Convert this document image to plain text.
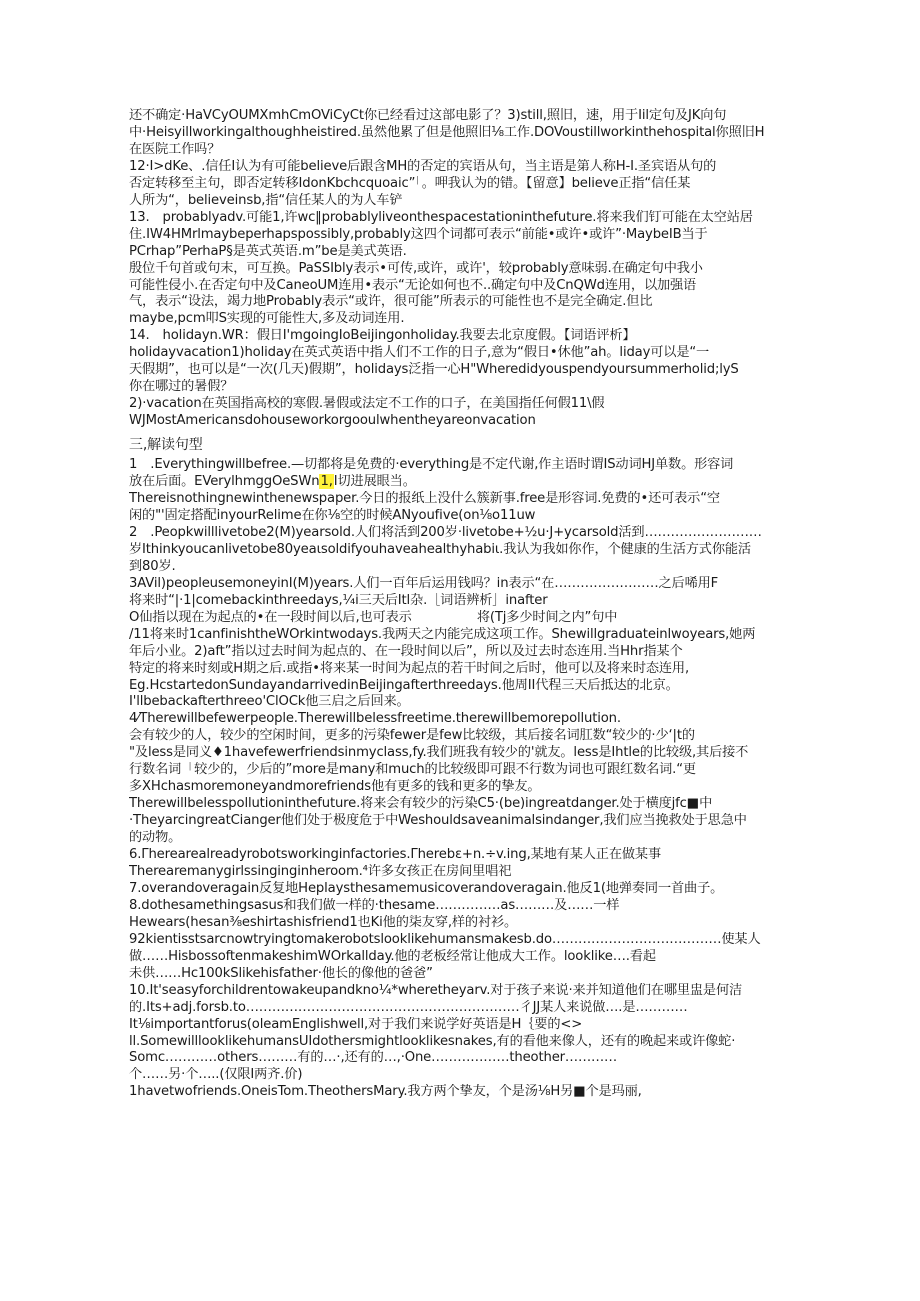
还不确定·HaVCyOUMXmhCmOViCyCt你已经看过这部电影了？3)still,照旧，速，用于Iil定句及JK向句
中·Heisyillworkingalthoughheistired.虽然他累了但是他照旧⅛工作.DOVoustillworkinthehospital你照旧H
在医院工作吗？
12·I>dKe、.信任I认为有可能believe后跟含MH的否定的宾语从句，当主语是第人称H-I.圣宾语从句的
否定转移至主句，即否定转移IdonKbchcquoaic”「。呷我认为的错。【留意】believe正指“信任某
人所为“，believeinsb,指“信任某人的为人车铲
13.　probablyadv.可能1,许wc‖probablyliveonthespacestationinthefuture.将来我们钉可能在太空站居
住.IW4HMrlmaybeperhapspossibly,probably这四个词都可表示“前能•或许•或许”·MaybeIB当于
PCrhap”PerhaP§是英式英语.m”be是美式英语.
殷位千句首或句末，可互换。PaSSIbly表示•可传,或许，或许'，较probably意味弱.在确定句中我小
可能性侵小.在否定句中及CaneoUM连用•表示“无论如何也不..确定句中及CnQWd连用，以加强语
气，表示“设法，竭力地Probably表示“或许，很可能”所表示的可能性也不是完全确定.但比
maybe,pcm叩S实现的可能性大,多及动词连用.
14.　holidayn.WR：假日I'mgoingIoBeijingonholiday.我要去北京度假。【词语评析】
holidayvacation1)holiday在英式英语中指人们不工作的日子,意为“假日•休他”ah。liday可以是“一
天假期”，也可以是“一次(几天)假期”，holidays泛指一心H"Wheredidyouspendyoursummerholid;lyS
你在哪过的暑假？
2)·vacation在英国指高校的寒假.暑假或法定不工作的口子，在美国指任何假11\假
WJMostAmericansdohouseworkorgooulwhentheyareonvacation
三,解读句型
1　.Everythingwillbefree.—切都将是免费的·everything是不定代谢,作主语时谓IS动词HJ单数。形容词
放在后面。EVerylhmggOeSWn1,I切进展眼当。
Thereisnothingnewinthenewspaper.今日的报纸上没什么簇新事.free是形容词.免费的•还可表示“空
闲的"'固定搭配inyourRelime在你⅛空的时候ANyoufive(on⅛o11uw
2　.Peopkwilllivetobe2(M)yearsold.人们将活到200岁·livetobe+½u·J+ycarsold活到………………………
岁Ithinkyoucanlivetobe80yeaιsoldifyouhaveahealthyhabiι.我认为我如你作，个健康的生活方式你能活
到80岁.
3AVil)peopleusemoneyinI(M)years.人们一百年后运用钱吗？in表示“在……………………之后唏用F
将来时“|·1|comebackinthreedays,¼i三天后Itl杂.［词语辨析］inafter
O仙指以现在为起点的•在一段时间以后,也可表示　　　　　将(Tj多少时间之内”句中
/11将来时1canfinishtheWOrkintwodays.我两天之内能完成这项工作。Shewillgraduateinlwoyears,她两
年后小业。2)aft”指以过去时间为起点的、在一段时间以后”，所以及过去时态连用.当Hhr指某个
特定的将来时刻或H期之后.或指•将来某一时间为起点的若干时间之后时，他可以及将来时态连用,
Eg.HcstartedonSundayandarrivedinBeijingafterthreedays.他周II代程三天后抵达的北京。
I'llbebackafterthreeo'ClOCk他三启之后回来。
4⁄Therewillbefewerpeople.Therewillbelessfreetime.therewillbemorepollution.
会有较少的人，较少的空闲时间，更多的污染fewer是few比较级，其后接名词肛数“较少的·少‘|t的
"及less是同义♦1havefewerfriendsinmyclass,fy.我们班我有较少的'就友。less是Ihtle的比较级,其后接不
行数名词「较少的，少后的”more是many和much的比较级即可跟不行数为词也可跟红数名词.“更
多XHchasmoremoneyandmorefriends他有更多的钱和更多的挚友。
Therewillbelesspollutioninthefuture.将来会有较少的污染C5·(be)ingreatdanger.处于横度jfc■中
·TheyarcingreatCianger他们处于极度危于中Weshouldsaveanimalsindanger,我们应当挽救处于思急中
的动物。
6.Γherearealreadyrobotsworkinginfactories.Γherebε+n.÷v.ing,某地有某人正在做某事
Therearemanygirlssinginginheroom.⁴许多女孩正在房间里唱祀
7.overandoveragain反复地Heplaysthesamemusicoverandoveragain.他反1(地弹奏同一首曲子。
8.dothesamethingsasus和我们做一样的·thesame……………as………及……一样
Hewears(hesan⅜eshirtashisfriend1也Ki他的柒友穿,样的衬衫。
92kientisstsarcnowtryingtomakerobotslooklikehumansmakesb.do…………………………………使某人
做……HisbossoftenmakeshimWOrkallday.他的老板经常让他成大工作。looklike….看起
未供……Hc100kSlikehisfather·他长的像他的爸爸”
10.It'seasyforchildrentowakeupandkno¼*wheretheyarv.对于孩子来说·来并知道他们在哪里盅是何洁
的.Its+adj.forsb.to………………………………………………………彳JJ某人来说做….是…………
It⅛importantforus(oleamEnglishwell,对于我们来说学好英语是H｛要的<>
ll.SomewilllooklikehumansUIdothersmightlooklikesnakes,有的看他来像人，还有的晚起来或许像蛇·
Somc…………others………有的…·,还有的…,·One………………theother…………
个……另·个…..(仅限I两齐.价)
1havetwofriends.OneisTom.TheothersMary.我方两个挚友，个是汤⅛H另■个是玛丽,
